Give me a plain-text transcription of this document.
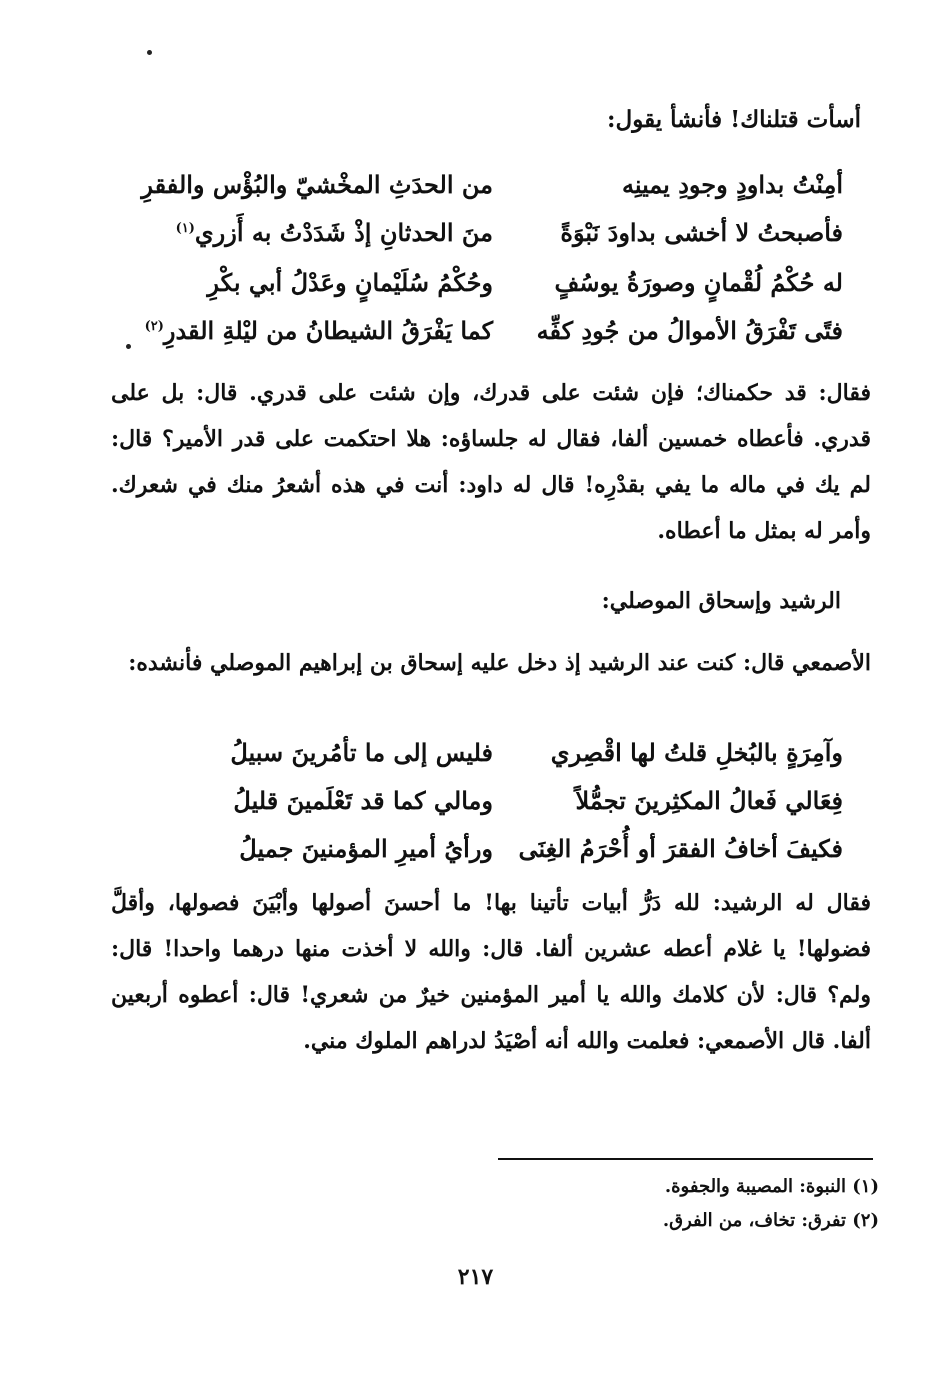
أسأت قتلناك! فأنشأ يقول:
أمِنْتُ بداودٍ وجودِ يمينِه
من الحدَثِ المخْشيّ والبُؤْس والفقرِ
فأصبحتُ لا أخشى بداودَ نَبْوَةً
منَ الحدثانِ إذْ شَدَدْتُ به أَزري$^{(١)}$
له حُكْمُ لُقْمانٍ وصورَةُ يوسُفٍ
وحُكْمُ سُلَيْمانٍ وعَدْلُ أبي بكْرِ
فتًى تَفْرَقُ الأموالُ من جُودِ كفِّه
كما يَفْرَقُ الشيطانُ من ليْلةِ القدرِ$^{(٢)}$
فقال: قد حكمناك؛ فإن شئت على قدرك، وإن شئت على قدري. قال: بل على قدري. فأعطاه خمسين ألفا، فقال له جلساؤه: هلا احتكمت على قدر الأمير؟ قال: لم يك في ماله ما يفي بقدْرِه! قال له داود: أنت في هذه أشعرُ منك في شعرك. وأمر له بمثل ما أعطاه.
الرشيد وإسحاق الموصلي:
الأصمعي قال: كنت عند الرشيد إذ دخل عليه إسحاق بن إبراهيم الموصلي فأنشده:
وآمِرَةٍ بالبُخلِ قلتُ لها اقْصِري
فليس إلى ما تأمُرينَ سبيلُ
فِعَالي فَعالُ المكثِرينَ تجمُّلاً
ومالي كما قد تَعْلَمينَ قليلُ
فكيفَ أخافُ الفقرَ أو أُحْرَمُ الغِنَى
ورأيُ أميرِ المؤمنينَ جميلُ
فقال له الرشيد: لله دَرُّ أبيات تأتينا بها! ما أحسنَ أصولها وأبْيَنَ فصولها، وأقلَّ فضولها! يا غلام أعطه عشرين ألفا. قال: والله لا أخذت منها درهما واحدا! قال: ولم؟ قال: لأن كلامك والله يا أمير المؤمنين خيرٌ من شعري! قال: أعطوه أربعين ألفا. قال الأصمعي: فعلمت والله أنه أصْيَدُ لدراهم الملوك مني.
(١) النبوة: المصيبة والجفوة.
(٢) تفرق: تخاف، من الفرق.
٢١٧
